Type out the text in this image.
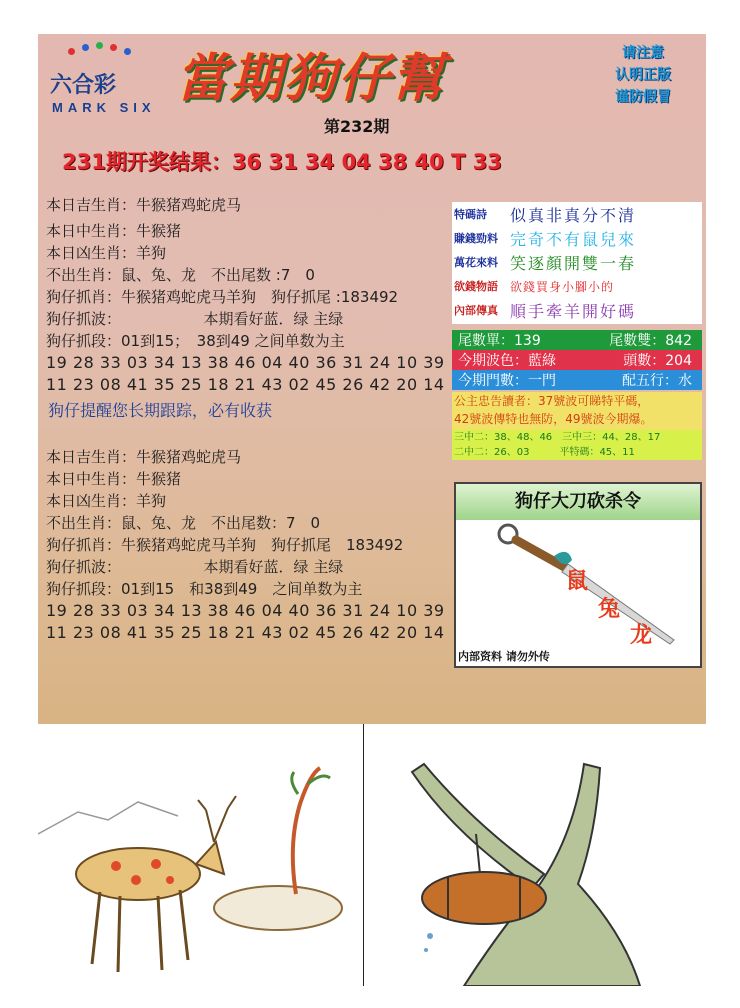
六合彩
MARK SIX 當期狗仔幫	请注意
认明正版
谨防假冒
第232期
231期开奖结果：36 31 34 04 38 40 T 33
本日吉生肖：牛猴猪鸡蛇虎马
本日中生肖：牛猴猪
本日凶生肖：羊狗
不出生肖：鼠、兔、龙　不出尾数 :7　0
狗仔抓肖：牛猴猪鸡蛇虎马羊狗　狗仔抓尾 :183492
狗仔抓波：　　　　　　本期看好蓝．绿 主绿
狗仔抓段：01到15；　38到49 之间单数为主
19 28 33 03 34 13 38 46 04 40 36 31 24 10 39
11 23 08 41 35 25 18 21 43 02 45 26 42 20 14
狗仔提醒您长期跟踪，必有收获
本日吉生肖：牛猴猪鸡蛇虎马
本日中生肖：牛猴猪
本日凶生肖：羊狗
不出生肖：鼠、兔、龙　不出尾数：7　0
狗仔抓肖：牛猴猪鸡蛇虎马羊狗　狗仔抓尾　183492
狗仔抓波：　　　　　　本期看好蓝．绿 主绿
狗仔抓段：01到15　和38到49　之间单数为主
19 28 33 03 34 13 38 46 04 40 36 31 24 10 39
11 23 08 41 35 25 18 21 43 02 45 26 42 20 14
特碼詩	似真非真分不清
賺錢勁料 完奇不有鼠兒來
萬花來料 笑逐顏開雙一春
欲錢物語	欲錢買身小腳小的
內部傳真 順手牽羊開好碼
尾數單：139	尾數雙：842
今期波色：藍綠	頭數：204
今期門數：一門	配五行：水
公主忠告讀者：37號波可睇特平碼，
42號波傳特也無防，49號波今期爆。
三中二：38、48、46　三中三：44、28、17
二中二：26、03　　　平特碼：45、11
狗仔大刀砍杀令
鼠
兔
龙
内部资料 请勿外传
